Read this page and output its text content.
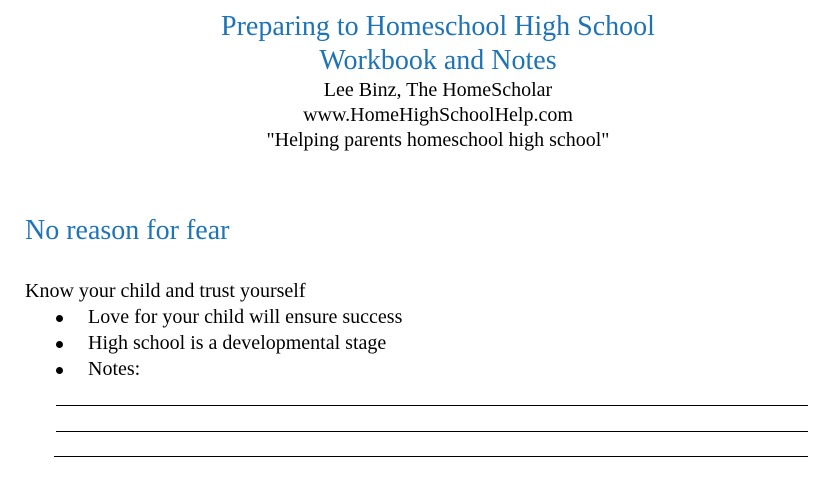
Preparing to Homeschool High School

Workbook and Notes

Lee Binz, The HomeScholar

www.HomeHighSchoolHelp.com

"Helping parents homeschool high school"

No reason for fear

Know your child and trust yourself

Love for your child will ensure success
High school is a developmental stage
Notes:
